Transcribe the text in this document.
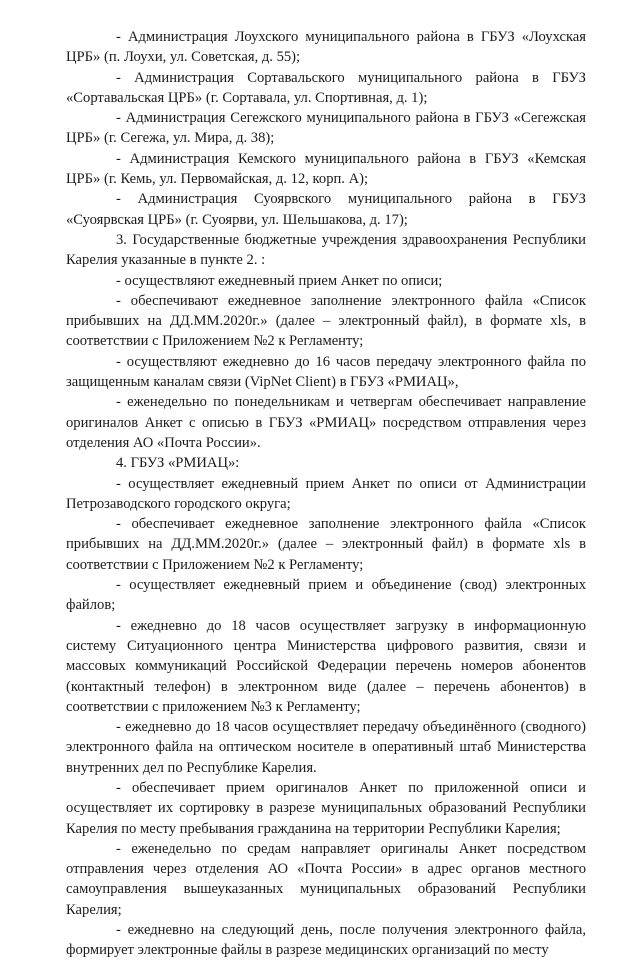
- Администрация Лоухского муниципального района в ГБУЗ «Лоухская ЦРБ» (п. Лоухи, ул. Советская, д. 55);

- Администрация Сортавальского муниципального района в ГБУЗ «Сортавальская ЦРБ» (г. Сортавала, ул. Спортивная, д. 1);

- Администрация Сегежского муниципального района в ГБУЗ «Сегежская ЦРБ» (г. Сегежа, ул. Мира, д. 38);

- Администрация Кемского муниципального района в ГБУЗ «Кемская ЦРБ» (г. Кемь, ул. Первомайская, д. 12, корп. А);

- Администрация Суоярвского муниципального района в ГБУЗ «Суоярвская ЦРБ» (г. Суоярви, ул. Шельшакова, д. 17);

3. Государственные бюджетные учреждения здравоохранения Республики Карелия указанные в пункте 2. :

- осуществляют ежедневный прием Анкет по описи;

- обеспечивают ежедневное заполнение электронного файла «Список прибывших на ДД.ММ.2020г.» (далее – электронный файл), в формате xls, в соответствии с Приложением №2 к Регламенту;

- осуществляют ежедневно до 16 часов передачу электронного файла по защищенным каналам связи (VipNet Client) в ГБУЗ «РМИАЦ»,

- еженедельно по понедельникам и четвергам обеспечивает направление оригиналов Анкет с описью в ГБУЗ «РМИАЦ» посредством отправления через отделения АО «Почта России».

4. ГБУЗ «РМИАЦ»:

- осуществляет ежедневный прием Анкет по описи от Администрации Петрозаводского городского округа;

- обеспечивает ежедневное заполнение электронного файла «Список прибывших на ДД.ММ.2020г.» (далее – электронный файл) в формате xls в соответствии с Приложением №2 к Регламенту;

- осуществляет ежедневный прием и объединение (свод) электронных файлов;

- ежедневно до 18 часов осуществляет загрузку в информационную систему Ситуационного центра Министерства цифрового развития, связи и массовых коммуникаций Российской Федерации перечень номеров абонентов (контактный телефон) в электронном виде (далее – перечень абонентов) в соответствии с приложением №3 к Регламенту;

- ежедневно до 18 часов осуществляет передачу объединённого (сводного) электронного файла на оптическом носителе в оперативный штаб Министерства внутренних дел по Республике Карелия.

- обеспечивает прием оригиналов Анкет по приложенной описи и осуществляет их сортировку в разрезе муниципальных образований Республики Карелия по месту пребывания гражданина на территории Республики Карелия;

- еженедельно по средам направляет оригиналы Анкет посредством отправления через отделения АО «Почта России» в адрес органов местного самоуправления вышеуказанных муниципальных образований Республики Карелия;

- ежедневно на следующий день, после получения электронного файла, формирует электронные файлы в разрезе медицинских организаций по месту
